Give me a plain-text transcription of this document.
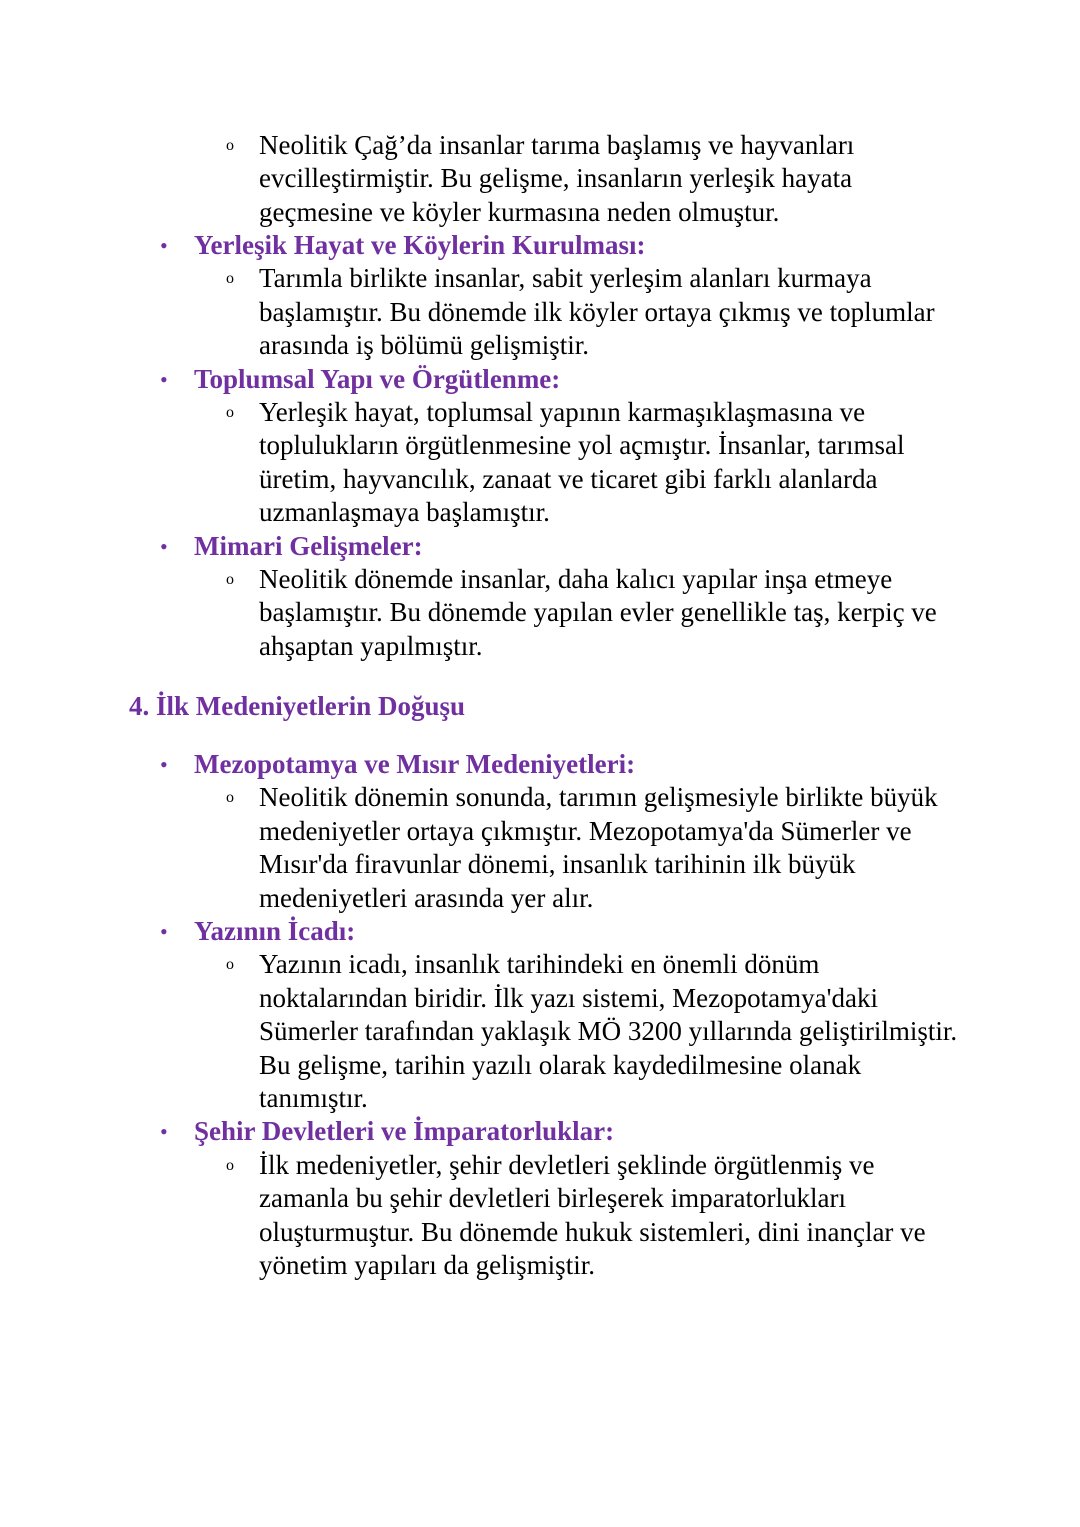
o Neolitik Çağ’da insanlar tarıma başlamış ve hayvanları evcilleştirmiştir. Bu gelişme, insanların yerleşik hayata geçmesine ve köyler kurmasına neden olmuştur.
• Yerleşik Hayat ve Köylerin Kurulması:
o Tarımla birlikte insanlar, sabit yerleşim alanları kurmaya başlamıştır. Bu dönemde ilk köyler ortaya çıkmış ve toplumlar arasında iş bölümü gelişmiştir.
• Toplumsal Yapı ve Örgütlenme:
o Yerleşik hayat, toplumsal yapının karmaşıklaşmasına ve toplulukların örgütlenmesine yol açmıştır. İnsanlar, tarımsal üretim, hayvancılık, zanaat ve ticaret gibi farklı alanlarda uzmanlaşmaya başlamıştır.
• Mimari Gelişmeler:
o Neolitik dönemde insanlar, daha kalıcı yapılar inşa etmeye başlamıştır. Bu dönemde yapılan evler genellikle taş, kerpiç ve ahşaptan yapılmıştır.
4. İlk Medeniyetlerin Doğuşu
• Mezopotamya ve Mısır Medeniyetleri:
o Neolitik dönemin sonunda, tarımın gelişmesiyle birlikte büyük medeniyetler ortaya çıkmıştır. Mezopotamya'da Sümerler ve Mısır'da firavunlar dönemi, insanlık tarihinin ilk büyük medeniyetleri arasında yer alır.
• Yazının İcadı:
o Yazının icadı, insanlık tarihindeki en önemli dönüm noktalarından biridir. İlk yazı sistemi, Mezopotamya'daki Sümerler tarafından yaklaşık MÖ 3200 yıllarında geliştirilmiştir. Bu gelişme, tarihin yazılı olarak kaydedilmesine olanak tanımıştır.
• Şehir Devletleri ve İmparatorluklar:
o İlk medeniyetler, şehir devletleri şeklinde örgütlenmiş ve zamanla bu şehir devletleri birleşerek imparatorlukları oluşturmuştur. Bu dönemde hukuk sistemleri, dini inançlar ve yönetim yapıları da gelişmiştir.
